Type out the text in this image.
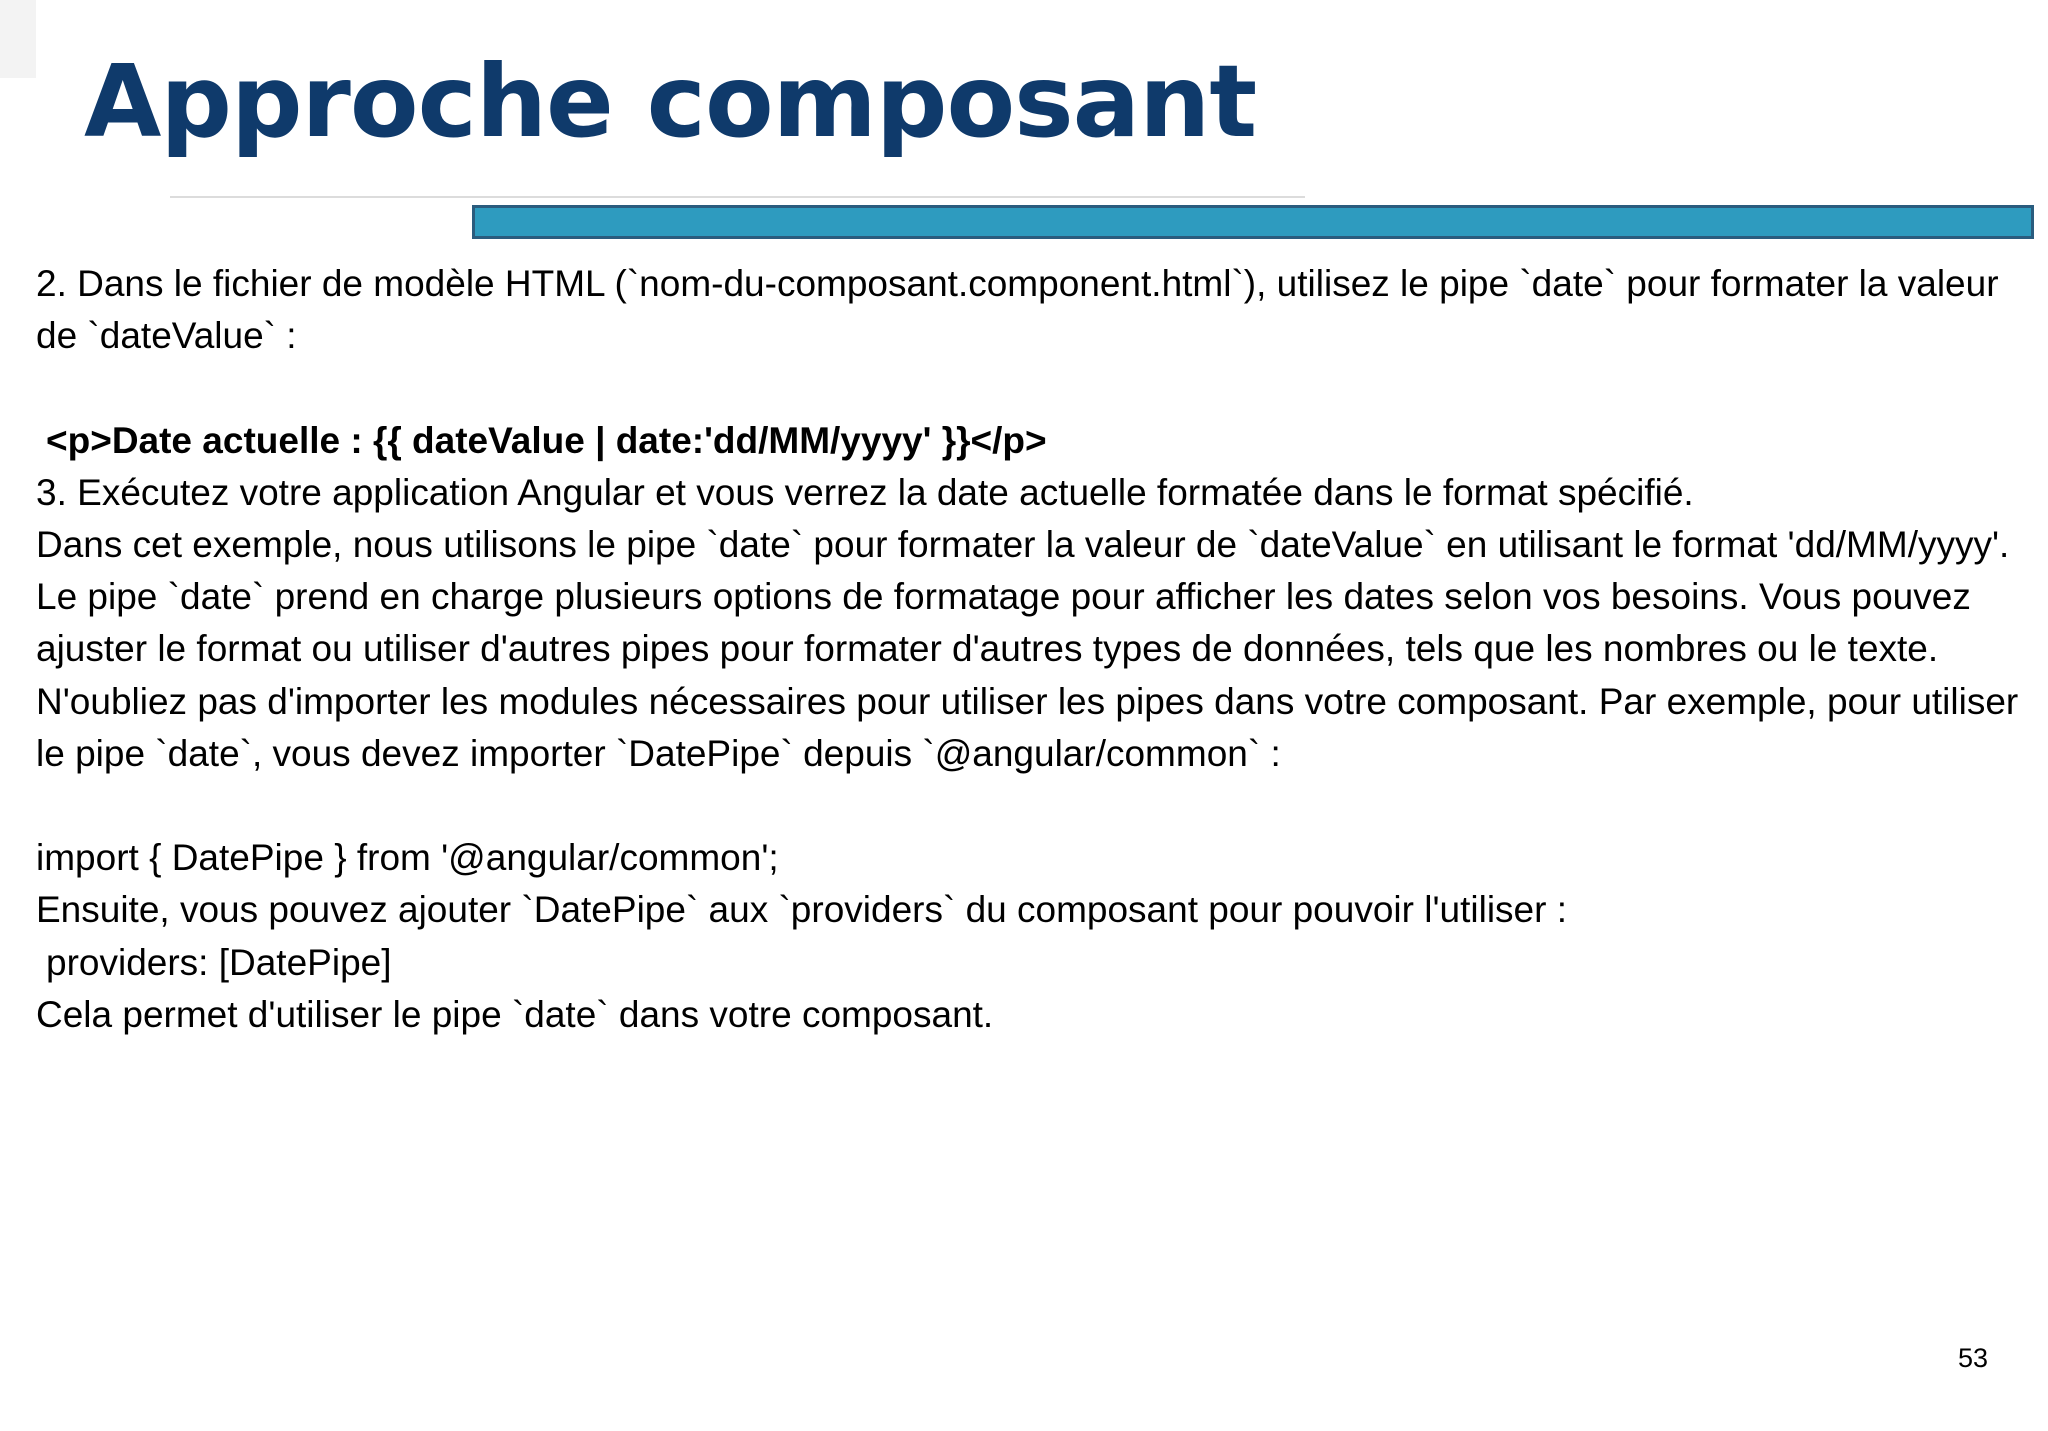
Approche composant

2. Dans le fichier de modèle HTML (`nom-du-composant.component.html`), utilisez le pipe `date` pour formater la valeur de `dateValue` :

<p>Date actuelle : {{ dateValue | date:'dd/MM/yyyy' }}</p>

3. Exécutez votre application Angular et vous verrez la date actuelle formatée dans le format spécifié.

Dans cet exemple, nous utilisons le pipe `date` pour formater la valeur de `dateValue` en utilisant le format 'dd/MM/yyyy'. Le pipe `date` prend en charge plusieurs options de formatage pour afficher les dates selon vos besoins. Vous pouvez ajuster le format ou utiliser d'autres pipes pour formater d'autres types de données, tels que les nombres ou le texte.

N'oubliez pas d'importer les modules nécessaires pour utiliser les pipes dans votre composant. Par exemple, pour utiliser le pipe `date`, vous devez importer `DatePipe` depuis `@angular/common` :

import { DatePipe } from '@angular/common';

Ensuite, vous pouvez ajouter `DatePipe` aux `providers` du composant pour pouvoir l'utiliser :

providers: [DatePipe]

Cela permet d'utiliser le pipe `date` dans votre composant.

53
